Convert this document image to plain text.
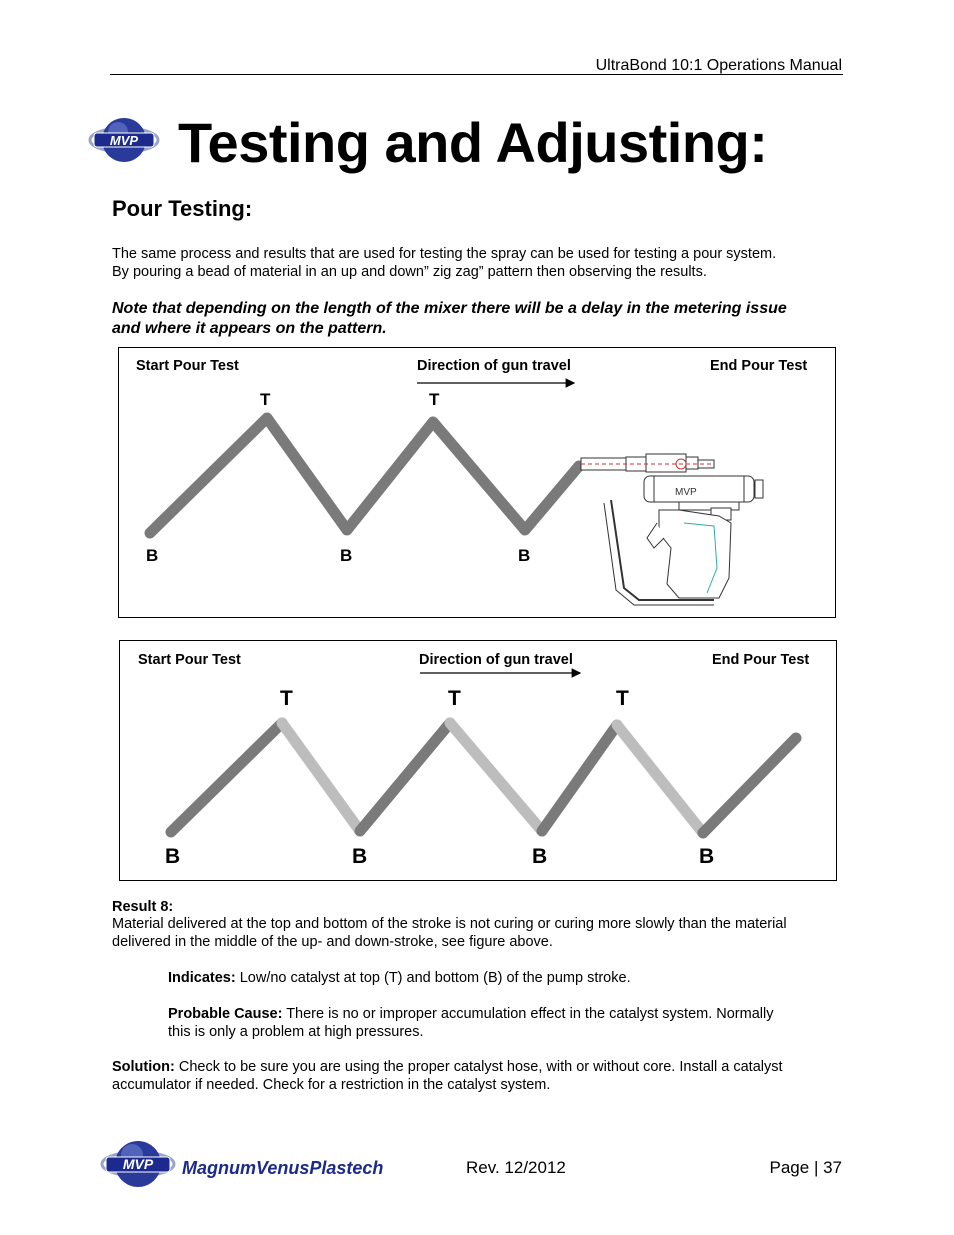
UltraBond 10:1 Operations Manual
MVP Testing and Adjusting:
Pour Testing:
The same process and results that are used for testing the spray can be used for testing a pour system.
By pouring a bead of material in an up and down” zig zag” pattern then observing the results.
Note that depending on the length of the mixer there will be a delay in the metering issue
and where it appears on the pattern.
Start Pour Test	Direction of gun travel	End Pour Test
MVP
T	T
B	B	B
Start Pour Test	Direction of gun travel	End Pour Test
T	T	T
B	B	B	B
Result 8:
Material delivered at the top and bottom of the stroke is not curing or curing more slowly than the material
delivered in the middle of the up- and down-stroke, see figure above.
Indicates: Low/no catalyst at top (T) and bottom (B) of the pump stroke.
Probable Cause: There is no or improper accumulation effect in the catalyst system. Normally
this is only a problem at high pressures.
Solution: Check to be sure you are using the proper catalyst hose, with or without core. Install a catalyst
accumulator if needed. Check for a restriction in the catalyst system.
MVP MagnumVenusPlastech	Rev. 12/2012	Page | 37
